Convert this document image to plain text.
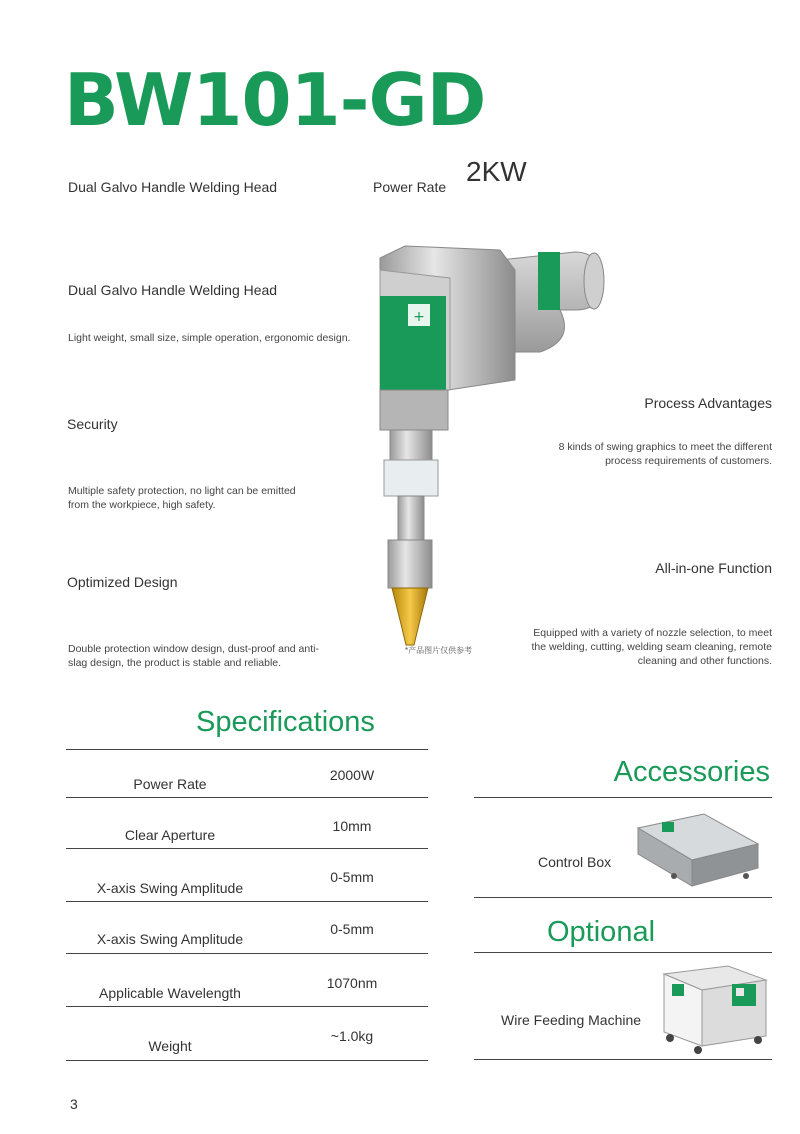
BW101-GD
Dual Galvo Handle Welding Head	Power Rate 2KW
Dual Galvo Handle Welding Head
Light weight, small size, simple operation, ergonomic design.
Security
Multiple safety protection, no light can be emitted from the workpiece, high safety.
Optimized Design
Double protection window design, dust-proof and anti-slag design, the product is stable and reliable.
Process Advantages
8 kinds of swing graphics to meet the different process requirements of customers.
All-in-one Function
Equipped with a variety of nozzle selection, to meet the welding, cutting, welding seam cleaning, remote cleaning and other functions.
+
*产品图片仅供参考
Specifications
Power Rate
2000W
Clear Aperture
10mm
X-axis Swing Amplitude
0-5mm
X-axis Swing Amplitude
0-5mm
Applicable Wavelength
1070nm
Weight
~1.0kg
Accessories
Control Box
Optional
Wire Feeding Machine
3
